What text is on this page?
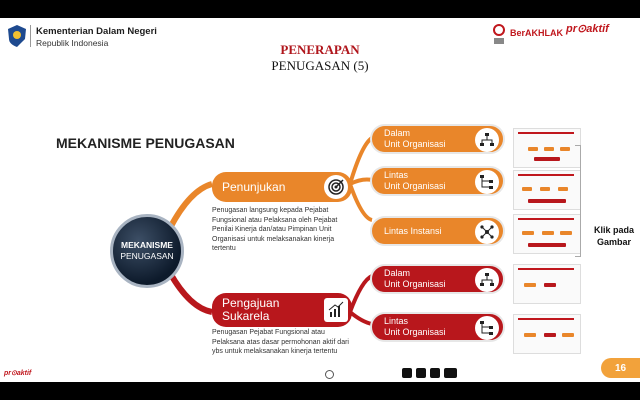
Kementerian Dalam Negeri
Republik Indonesia
BerAKHLAK pr⊙aktif
PENERAPAN
PENUGASAN (5)
MEKANISME PENUGASAN
MEKANISME
PENUGASAN
Penunjukan
Penugasan langsung kepada Pejabat Fungsional atau Pelaksana oleh Pejabat Penilai Kinerja dan/atau Pimpinan Unit Organisasi untuk melaksanakan kinerja tertentu
Dalam
Unit Organisasi
Lintas
Unit Organisasi
Lintas Instansi
Pengajuan
Sukarela
Penugasan Pejabat Fungsional atau Pelaksana atas dasar permohonan aktif dari ybs untuk melaksanakan kinerja tertentu
Dalam
Unit Organisasi
Lintas
Unit Organisasi
Klik pada Gambar
pr⊙aktif	16
